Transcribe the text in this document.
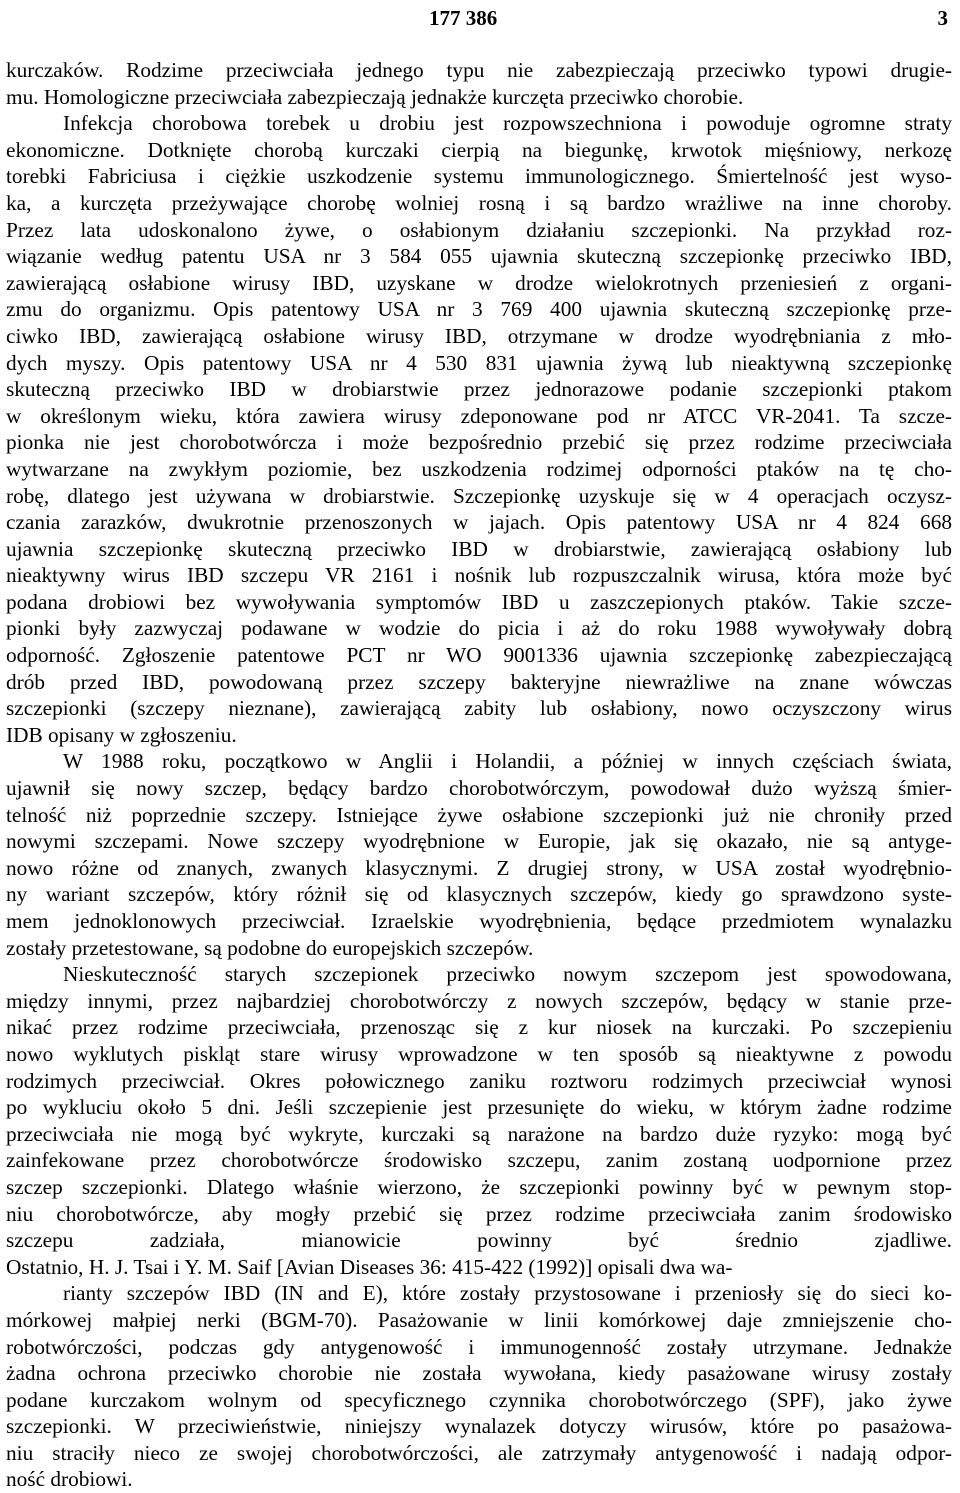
177 386	3
kurczaków. Rodzime przeciwciała jednego typu nie zabezpieczają przeciwko typowi drugie-
mu. Homologiczne przeciwciała zabezpieczają jednakże kurczęta przeciwko chorobie.
Infekcja chorobowa torebek u drobiu jest rozpowszechniona i powoduje ogromne straty
ekonomiczne. Dotknięte chorobą kurczaki cierpią na biegunkę, krwotok mięśniowy, nerkozę
torebki Fabriciusa i ciężkie uszkodzenie systemu immunologicznego. Śmiertelność jest wyso-
ka, a kurczęta przeżywające chorobę wolniej rosną i są bardzo wrażliwe na inne choroby.
Przez lata udoskonalono żywe, o osłabionym działaniu szczepionki. Na przykład roz-
wiązanie według patentu USA nr 3 584 055 ujawnia skuteczną szczepionkę przeciwko IBD,
zawierającą osłabione wirusy IBD, uzyskane w drodze wielokrotnych przeniesień z organi-
zmu do organizmu. Opis patentowy USA nr 3 769 400 ujawnia skuteczną szczepionkę prze-
ciwko IBD, zawierającą osłabione wirusy IBD, otrzymane w drodze wyodrębniania z mło-
dych myszy. Opis patentowy USA nr 4 530 831 ujawnia żywą lub nieaktywną szczepionkę
skuteczną przeciwko IBD w drobiarstwie przez jednorazowe podanie szczepionki ptakom
w określonym wieku, która zawiera wirusy zdeponowane pod nr ATCC VR-2041. Ta szcze-
pionka nie jest chorobotwórcza i może bezpośrednio przebić się przez rodzime przeciwciała
wytwarzane na zwykłym poziomie, bez uszkodzenia rodzimej odporności ptaków na tę cho-
robę, dlatego jest używana w drobiarstwie. Szczepionkę uzyskuje się w 4 operacjach oczysz-
czania zarazków, dwukrotnie przenoszonych w jajach. Opis patentowy USA nr 4 824 668
ujawnia szczepionkę skuteczną przeciwko IBD w drobiarstwie, zawierającą osłabiony lub
nieaktywny wirus IBD szczepu VR 2161 i nośnik lub rozpuszczalnik wirusa, która może być
podana drobiowi bez wywoływania symptomów IBD u zaszczepionych ptaków. Takie szcze-
pionki były zazwyczaj podawane w wodzie do picia i aż do roku 1988 wywoływały dobrą
odporność. Zgłoszenie patentowe PCT nr WO 9001336 ujawnia szczepionkę zabezpieczającą
drób przed IBD, powodowaną przez szczepy bakteryjne niewrażliwe na znane wówczas
szczepionki (szczepy nieznane), zawierającą zabity lub osłabiony, nowo oczyszczony wirus
IDB opisany w zgłoszeniu.
W 1988 roku, początkowo w Anglii i Holandii, a później w innych częściach świata,
ujawnił się nowy szczep, będący bardzo chorobotwórczym, powodował dużo wyższą śmier-
telność niż poprzednie szczepy. Istniejące żywe osłabione szczepionki już nie chroniły przed
nowymi szczepami. Nowe szczepy wyodrębnione w Europie, jak się okazało, nie są antyge-
nowo różne od znanych, zwanych klasycznymi. Z drugiej strony, w USA został wyodrębnio-
ny wariant szczepów, który różnił się od klasycznych szczepów, kiedy go sprawdzono syste-
mem jednoklonowych przeciwciał. Izraelskie wyodrębnienia, będące przedmiotem wynalazku
zostały przetestowane, są podobne do europejskich szczepów.
Nieskuteczność starych szczepionek przeciwko nowym szczepom jest spowodowana,
między innymi, przez najbardziej chorobotwórczy z nowych szczepów, będący w stanie prze-
nikać przez rodzime przeciwciała, przenosząc się z kur niosek na kurczaki. Po szczepieniu
nowo wyklutych piskląt stare wirusy wprowadzone w ten sposób są nieaktywne z powodu
rodzimych przeciwciał. Okres połowicznego zaniku roztworu rodzimych przeciwciał wynosi
po wykluciu około 5 dni. Jeśli szczepienie jest przesunięte do wieku, w którym żadne rodzime
przeciwciała nie mogą być wykryte, kurczaki są narażone na bardzo duże ryzyko: mogą być
zainfekowane przez chorobotwórcze środowisko szczepu, zanim zostaną uodpornione przez
szczep szczepionki. Dlatego właśnie wierzono, że szczepionki powinny być w pewnym stop-
niu chorobotwórcze, aby mogły przebić się przez rodzime przeciwciała zanim środowisko
szczepu zadziała, mianowicie powinny być średnio zjadliwe.
Ostatnio, H. J. Tsai i Y. M. Saif [Avian Diseases 36: 415-422 (1992)] opisali dwa wa-
rianty szczepów IBD (IN and E), które zostały przystosowane i przeniosły się do sieci ko-
mórkowej małpiej nerki (BGM-70). Pasażowanie w linii komórkowej daje zmniejszenie cho-
robotwórczości, podczas gdy antygenowość i immunogenność zostały utrzymane. Jednakże
żadna ochrona przeciwko chorobie nie została wywołana, kiedy pasażowane wirusy zostały
podane kurczakom wolnym od specyficznego czynnika chorobotwórczego (SPF), jako żywe
szczepionki. W przeciwieństwie, niniejszy wynalazek dotyczy wirusów, które po pasażowa-
niu straciły nieco ze swojej chorobotwórczości, ale zatrzymały antygenowość i nadają odpor-
ność drobiowi.
